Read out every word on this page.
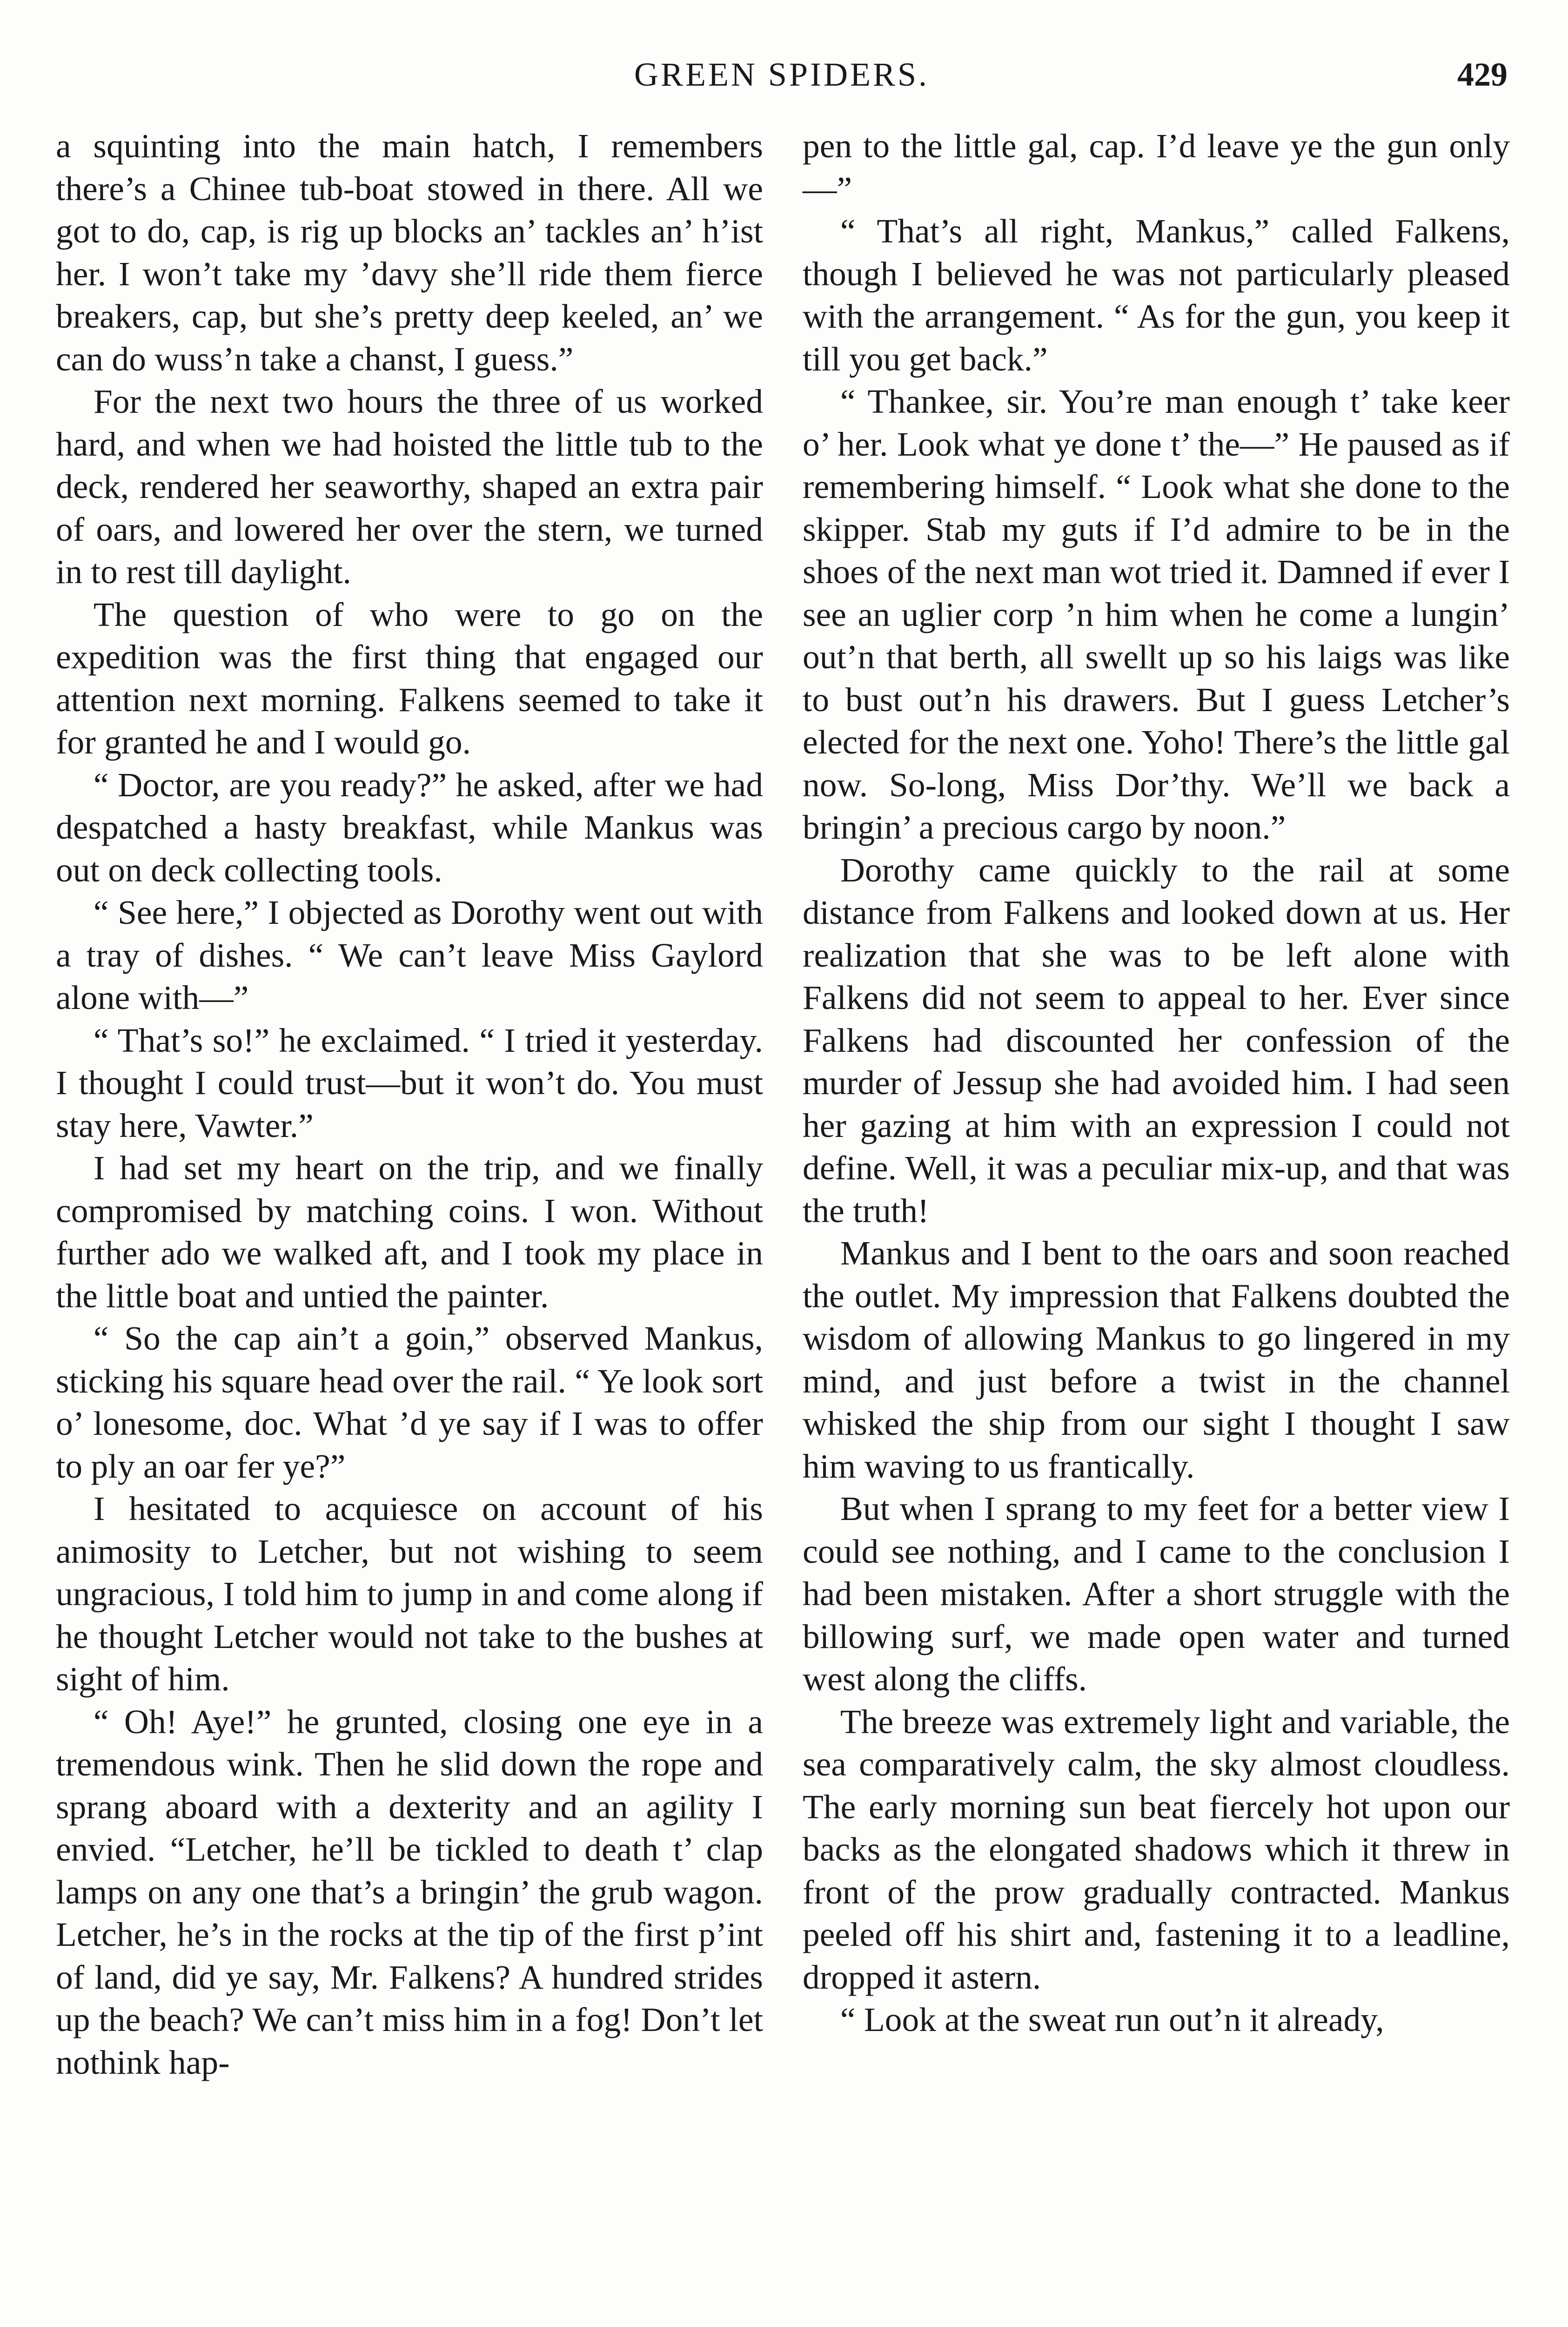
GREEN SPIDERS.	429

a squinting into the main hatch, I remembers there’s a Chinee tub-boat stowed in there. All we got to do, cap, is rig up blocks an’ tackles an’ h’ist her. I won’t take my ’davy she’ll ride them fierce breakers, cap, but she’s pretty deep keeled, an’ we can do wuss’n take a chanst, I guess.”

For the next two hours the three of us worked hard, and when we had hoisted the little tub to the deck, rendered her seaworthy, shaped an extra pair of oars, and lowered her over the stern, we turned in to rest till daylight.

The question of who were to go on the expedition was the first thing that engaged our attention next morning. Falkens seemed to take it for granted he and I would go.

“ Doctor, are you ready?” he asked, after we had despatched a hasty breakfast, while Mankus was out on deck collecting tools.

“ See here,” I objected as Dorothy went out with a tray of dishes. “ We can’t leave Miss Gaylord alone with—”

“ That’s so!” he exclaimed. “ I tried it yesterday. I thought I could trust—but it won’t do. You must stay here, Vawter.”

I had set my heart on the trip, and we finally compromised by matching coins. I won. Without further ado we walked aft, and I took my place in the little boat and untied the painter.

“ So the cap ain’t a goin,” observed Mankus, sticking his square head over the rail. “ Ye look sort o’ lonesome, doc. What ’d ye say if I was to offer to ply an oar fer ye?”

I hesitated to acquiesce on account of his animosity to Letcher, but not wishing to seem ungracious, I told him to jump in and come along if he thought Letcher would not take to the bushes at sight of him.

“ Oh! Aye!” he grunted, closing one eye in a tremendous wink. Then he slid down the rope and sprang aboard with a dexterity and an agility I envied. “Letcher, he’ll be tickled to death t’ clap lamps on any one that’s a bringin’ the grub wagon. Letcher, he’s in the rocks at the tip of the first p’int of land, did ye say, Mr. Falkens? A hundred strides up the beach? We can’t miss him in a fog! Don’t let nothink hap-

pen to the little gal, cap. I’d leave ye the gun only—”

“ That’s all right, Mankus,” called Falkens, though I believed he was not particularly pleased with the arrangement. “ As for the gun, you keep it till you get back.”

“ Thankee, sir. You’re man enough t’ take keer o’ her. Look what ye done t’ the—” He paused as if remembering himself. “ Look what she done to the skipper. Stab my guts if I’d admire to be in the shoes of the next man wot tried it. Damned if ever I see an uglier corp ’n him when he come a lungin’ out’n that berth, all swellt up so his laigs was like to bust out’n his drawers. But I guess Letcher’s elected for the next one. Yoho! There’s the little gal now. So-long, Miss Dor’thy. We’ll we back a bringin’ a precious cargo by noon.”

Dorothy came quickly to the rail at some distance from Falkens and looked down at us. Her realization that she was to be left alone with Falkens did not seem to appeal to her. Ever since Falkens had discounted her confession of the murder of Jessup she had avoided him. I had seen her gazing at him with an expression I could not define. Well, it was a peculiar mix-up, and that was the truth!

Mankus and I bent to the oars and soon reached the outlet. My impression that Falkens doubted the wisdom of allowing Mankus to go lingered in my mind, and just before a twist in the channel whisked the ship from our sight I thought I saw him waving to us frantically.

But when I sprang to my feet for a better view I could see nothing, and I came to the conclusion I had been mistaken. After a short struggle with the billowing surf, we made open water and turned west along the cliffs.

The breeze was extremely light and variable, the sea comparatively calm, the sky almost cloudless. The early morning sun beat fiercely hot upon our backs as the elongated shadows which it threw in front of the prow gradually contracted. Mankus peeled off his shirt and, fastening it to a leadline, dropped it astern.

“ Look at the sweat run out’n it already,
